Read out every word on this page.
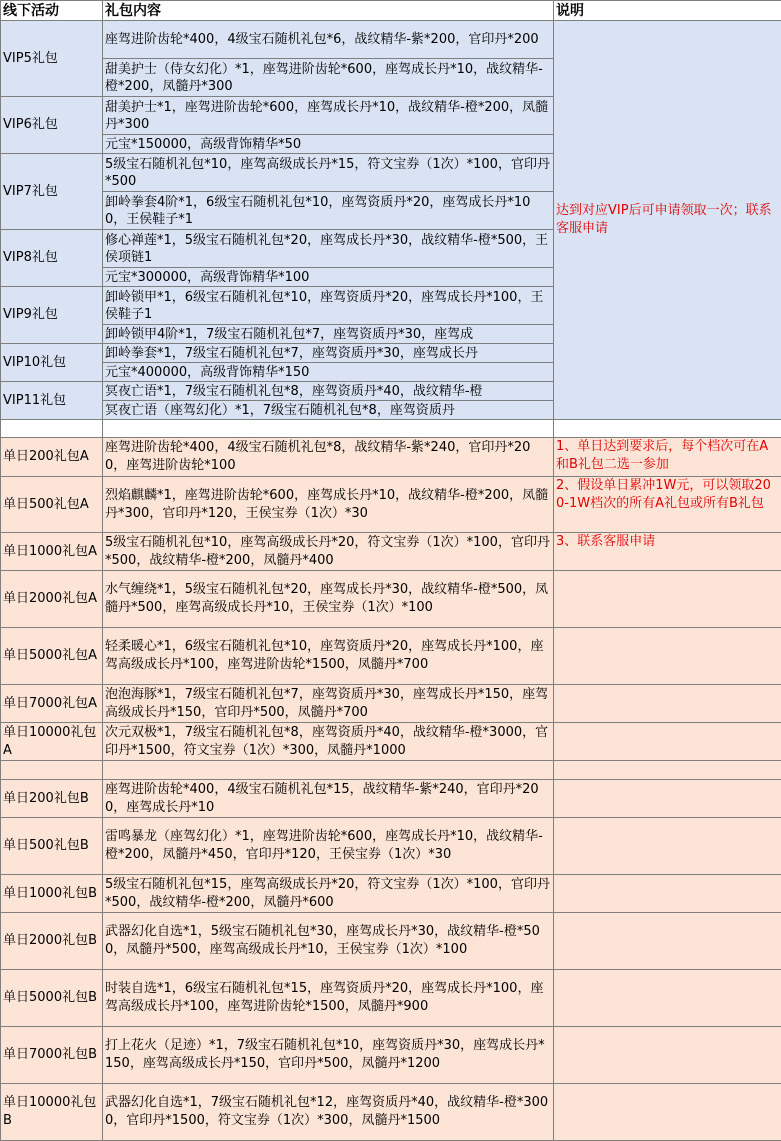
线下活动	礼包内容	说明
VIP5礼包	座驾进阶齿轮*400，4级宝石随机礼包*6，战纹精华-紫*200，官印丹*200	达到对应VIP后可申请领取一次；联系客服申请
	甜美护士（侍女幻化）*1，座驾进阶齿轮*600，座驾成长丹*10，战纹精华-橙*200，凤髓丹*300	
VIP6礼包	甜美护士*1，座驾进阶齿轮*600，座驾成长丹*10，战纹精华-橙*200，凤髓丹*300	
	元宝*150000，高级背饰精华*50	
VIP7礼包	5级宝石随机礼包*10，座驾高级成长丹*15，符文宝券（1次）*100，官印丹*500	
	卸岭拳套4阶*1，6级宝石随机礼包*10，座驾资质丹*20，座驾成长丹*100，王侯鞋子*1	
VIP8礼包	修心禅莲*1，5级宝石随机礼包*20，座驾成长丹*30，战纹精华-橙*500，王侯项链1	
	元宝*300000，高级背饰精华*100	
VIP9礼包	卸岭锁甲*1，6级宝石随机礼包*10，座驾资质丹*20，座驾成长丹*100，王侯鞋子1	
	卸岭锁甲4阶*1，7级宝石随机礼包*7，座驾资质丹*30，座驾成	
VIP10礼包	卸岭拳套*1，7级宝石随机礼包*7，座驾资质丹*30，座驾成长丹	
	元宝*400000，高级背饰精华*150	
VIP11礼包	冥夜亡语*1，7级宝石随机礼包*8，座驾资质丹*40，战纹精华-橙	
	冥夜亡语（座驾幻化）*1，7级宝石随机礼包*8，座驾资质丹	

单日200礼包A	座驾进阶齿轮*400，4级宝石随机礼包*8，战纹精华-紫*240，官印丹*200，座驾进阶齿轮*100	1、单日达到要求后，每个档次可在A和B礼包二选一参加
单日500礼包A	烈焰麒麟*1，座驾进阶齿轮*600，座驾成长丹*10，战纹精华-橙*200，凤髓丹*300，官印丹*120，王侯宝券（1次）*30	2、假设单日累冲1W元，可以领取200-1W档次的所有A礼包或所有B礼包
单日1000礼包A	5级宝石随机礼包*10，座驾高级成长丹*20，符文宝券（1次）*100，官印丹*500，战纹精华-橙*200，凤髓丹*400	3、联系客服申请
单日2000礼包A	水气缠绕*1，5级宝石随机礼包*20，座驾成长丹*30，战纹精华-橙*500，凤髓丹*500，座驾高级成长丹*10，王侯宝券（1次）*100	
单日5000礼包A	轻柔暖心*1，6级宝石随机礼包*10，座驾资质丹*20，座驾成长丹*100，座驾高级成长丹*100，座驾进阶齿轮*1500，凤髓丹*700	
单日7000礼包A	泡泡海豚*1，7级宝石随机礼包*7，座驾资质丹*30，座驾成长丹*150，座驾高级成长丹*150，官印丹*500，凤髓丹*700	
单日10000礼包A	次元双极*1，7级宝石随机礼包*8，座驾资质丹*40，战纹精华-橙*3000，官印丹*1500，符文宝券（1次）*300，凤髓丹*1000	

单日200礼包B	座驾进阶齿轮*400，4级宝石随机礼包*15，战纹精华-紫*240，官印丹*200，座驾成长丹*10	
单日500礼包B	雷鸣暴龙（座驾幻化）*1，座驾进阶齿轮*600，座驾成长丹*10，战纹精华-橙*200，凤髓丹*450，官印丹*120，王侯宝券（1次）*30	
单日1000礼包B	5级宝石随机礼包*15，座驾高级成长丹*20，符文宝券（1次）*100，官印丹*500，战纹精华-橙*200，凤髓丹*600	
单日2000礼包B	武器幻化自选*1，5级宝石随机礼包*30，座驾成长丹*30，战纹精华-橙*500，凤髓丹*500，座驾高级成长丹*10，王侯宝券（1次）*100	
单日5000礼包B	时装自选*1，6级宝石随机礼包*15，座驾资质丹*20，座驾成长丹*100，座驾高级成长丹*100，座驾进阶齿轮*1500，凤髓丹*900	
单日7000礼包B	打上花火（足迹）*1，7级宝石随机礼包*10，座驾资质丹*30，座驾成长丹*150，座驾高级成长丹*150，官印丹*500，凤髓丹*1200	
单日10000礼包B	武器幻化自选*1，7级宝石随机礼包*12，座驾资质丹*40，战纹精华-橙*3000，官印丹*1500，符文宝券（1次）*300，凤髓丹*1500	
